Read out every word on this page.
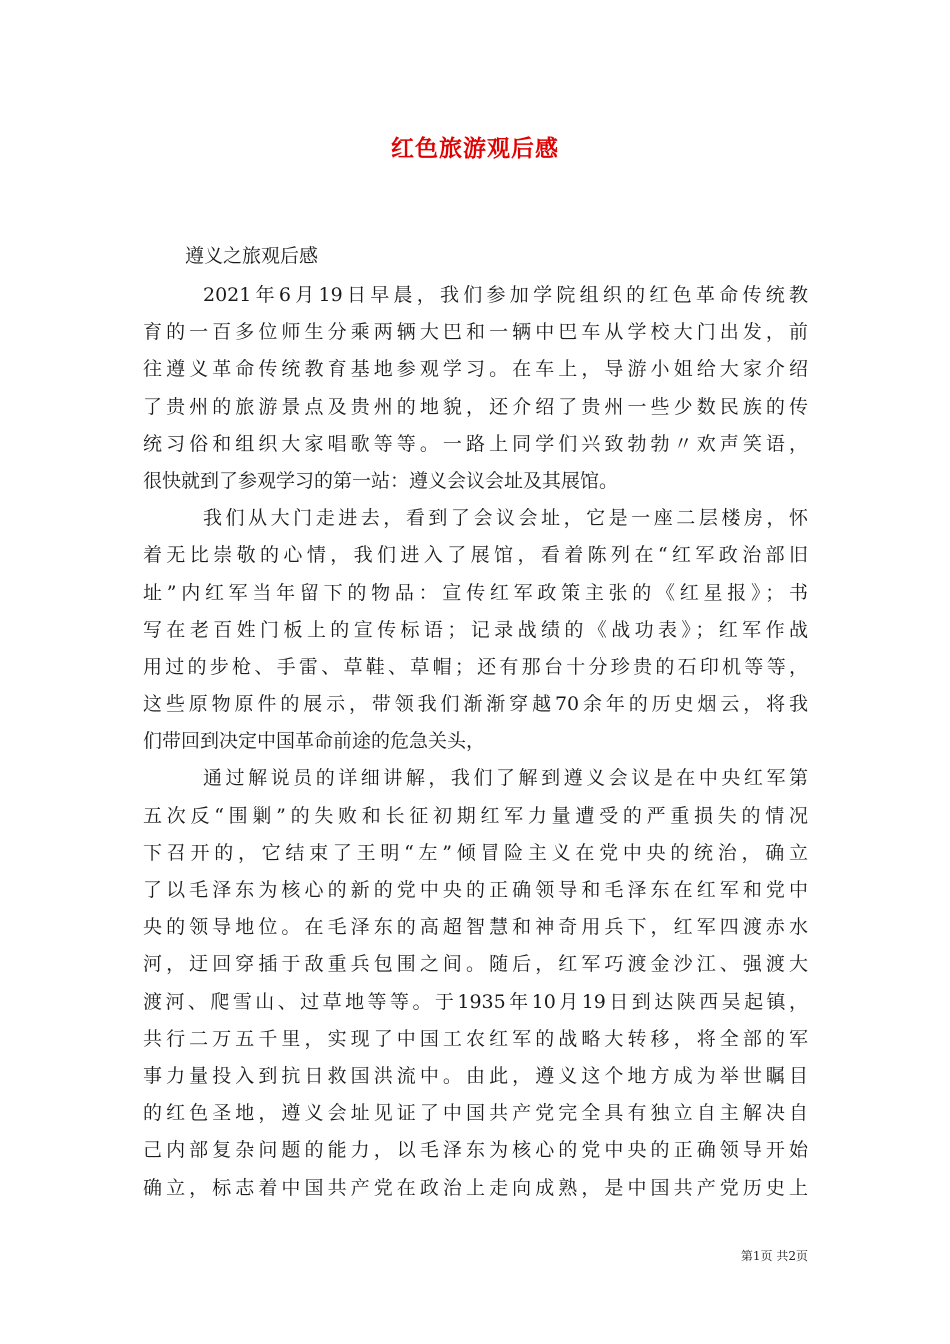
红色旅游观后感
遵义之旅观后感
2021年6月19日早晨，我们参加学院组织的红色革命传统教
育的一百多位师生分乘两辆大巴和一辆中巴车从学校大门出发，前
往遵义革命传统教育基地参观学习。在车上，导游小姐给大家介绍
了贵州的旅游景点及贵州的地貌，还介绍了贵州一些少数民族的传
统习俗和组织大家唱歌等等。一路上同学们兴致勃勃〃欢声笑语，
很快就到了参观学习的第一站：遵义会议会址及其展馆。
我们从大门走进去，看到了会议会址，它是一座二层楼房，怀
着无比崇敬的心情，我们进入了展馆，看着陈列在“红军政治部旧
址”内红军当年留下的物品：宣传红军政策主张的《红星报》；书
写在老百姓门板上的宣传标语；记录战绩的《战功表》；红军作战
用过的步枪、手雷、草鞋、草帽；还有那台十分珍贵的石印机等等，
这些原物原件的展示，带领我们渐渐穿越70余年的历史烟云，将我
们带回到决定中国革命前途的危急关头，
通过解说员的详细讲解，我们了解到遵义会议是在中央红军第
五次反“围剿”的失败和长征初期红军力量遭受的严重损失的情况
下召开的，它结束了王明“左”倾冒险主义在党中央的统治，确立
了以毛泽东为核心的新的党中央的正确领导和毛泽东在红军和党中
央的领导地位。在毛泽东的高超智慧和神奇用兵下，红军四渡赤水
河，迂回穿插于敌重兵包围之间。随后，红军巧渡金沙江、强渡大
渡河、爬雪山、过草地等等。于1935年10月19日到达陕西吴起镇，
共行二万五千里，实现了中国工农红军的战略大转移，将全部的军
事力量投入到抗日救国洪流中。由此，遵义这个地方成为举世瞩目
的红色圣地，遵义会址见证了中国共产党完全具有独立自主解决自
己内部复杂问题的能力，以毛泽东为核心的党中央的正确领导开始
确立，标志着中国共产党在政治上走向成熟，是中国共产党历史上
第1页 共2页
